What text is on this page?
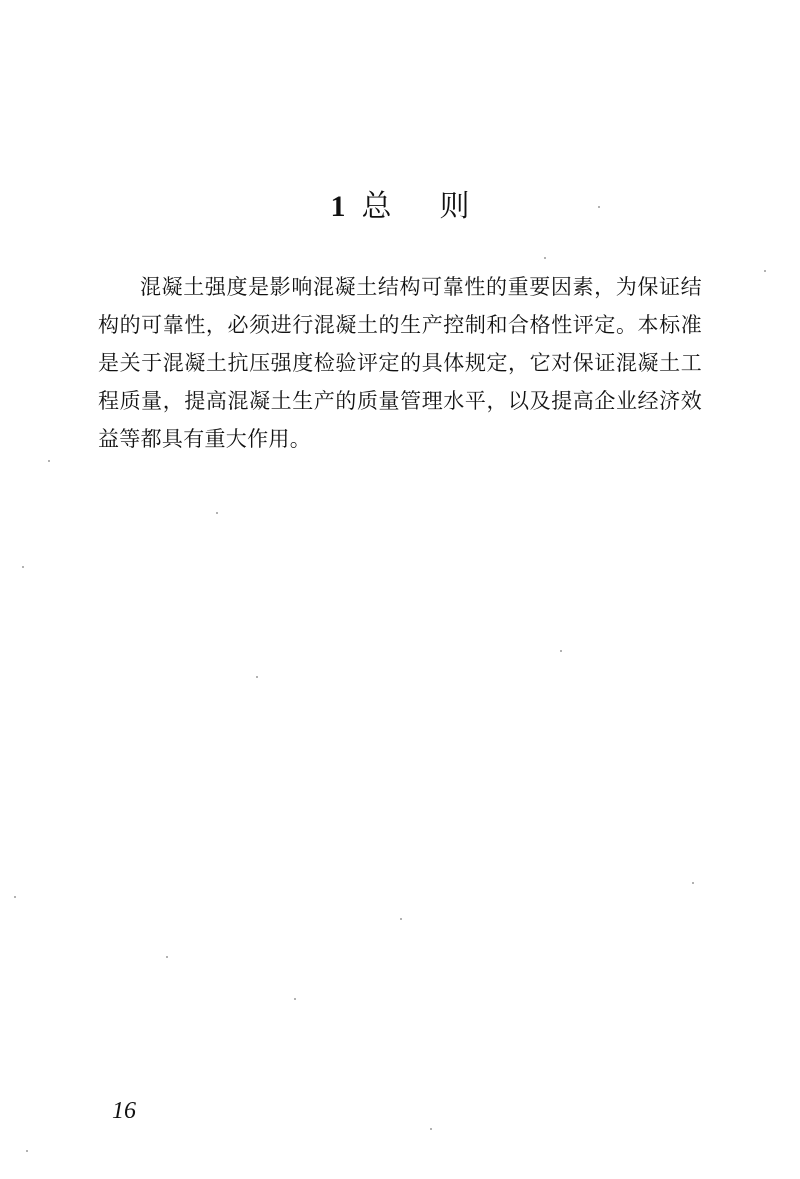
1 总 则

混凝土强度是影响混凝土结构可靠性的重要因素，为保证结构的可靠性，必须进行混凝土的生产控制和合格性评定。本标准是关于混凝土抗压强度检验评定的具体规定，它对保证混凝土工程质量，提高混凝土生产的质量管理水平，以及提高企业经济效益等都具有重大作用。

16
